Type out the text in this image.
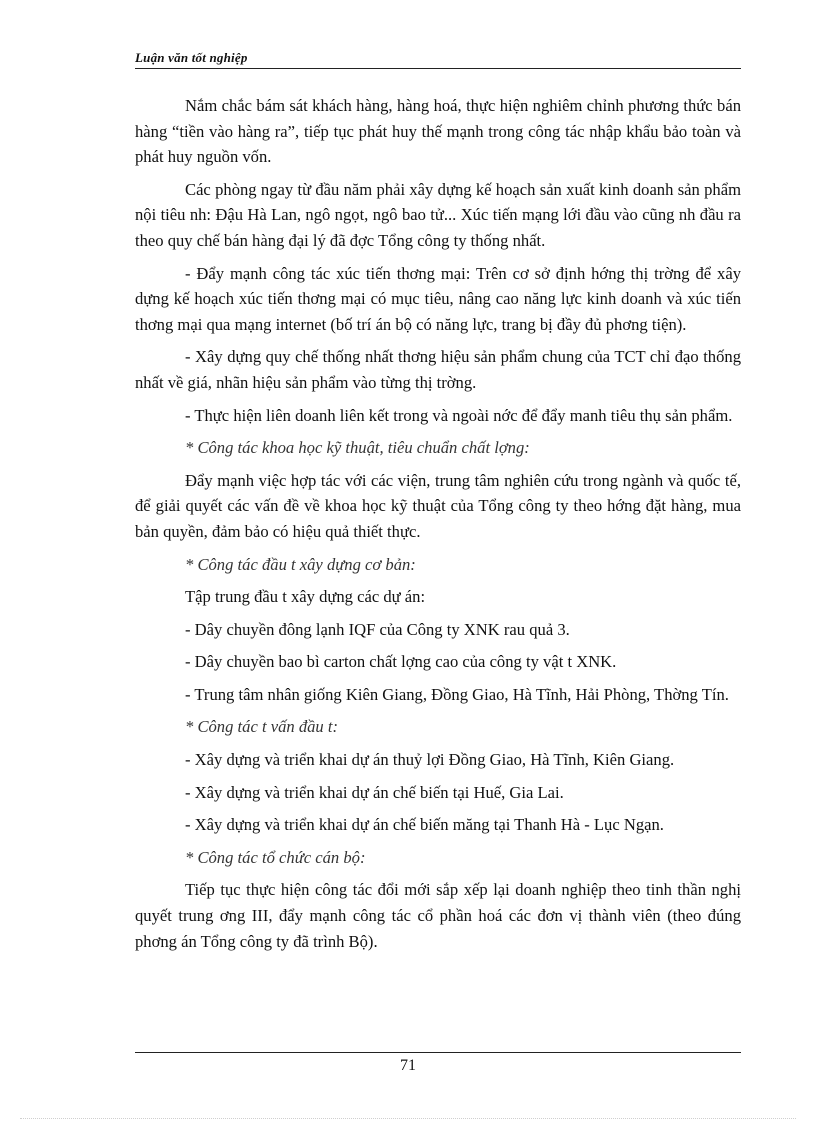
Luận văn tốt nghiệp

Nắm chắc bám sát khách hàng, hàng hoá, thực hiện nghiêm chỉnh phương thức bán hàng “tiền vào hàng ra”, tiếp tục phát huy thế mạnh trong công tác nhập khẩu bảo toàn và phát huy nguồn vốn.

Các phòng ngay từ đầu năm phải xây dựng kế hoạch sản xuất kinh doanh sản phẩm nội tiêu nh: Đậu Hà Lan, ngô ngọt, ngô bao tử... Xúc tiến mạng lới đầu vào cũng nh đầu ra theo quy chế bán hàng đại lý đã đợc Tổng công ty thống nhất.

- Đẩy mạnh công tác xúc tiến thơng mại: Trên cơ sở định hớng thị trờng để xây dựng kế hoạch xúc tiến thơng mại có mục tiêu, nâng cao năng lực kinh doanh và xúc tiến thơng mại qua mạng internet (bố trí án bộ có năng lực, trang bị đầy đủ phơng tiện).

- Xây dựng quy chế thống nhất thơng hiệu sản phẩm chung của TCT chỉ đạo thống nhất về giá, nhãn hiệu sản phẩm vào từng thị trờng.

- Thực hiện liên doanh liên kết trong và ngoài nớc để đẩy manh tiêu thụ sản phẩm.

* Công tác khoa học kỹ thuật, tiêu chuẩn chất lợng:

Đẩy mạnh việc hợp tác với các viện, trung tâm nghiên cứu trong ngành và quốc tế, để giải quyết các vấn đề về khoa học kỹ thuật của Tổng công ty theo hớng đặt hàng, mua bản quyền, đảm bảo có hiệu quả thiết thực.

* Công tác đầu t xây dựng cơ bản:

Tập trung đầu t xây dựng các dự án:

- Dây chuyền đông lạnh IQF của Công ty XNK rau quả 3.

- Dây chuyền bao bì carton chất lợng cao của công ty vật t XNK.

- Trung tâm nhân giống Kiên Giang, Đồng Giao, Hà Tĩnh, Hải Phòng, Thờng Tín.

* Công tác t vấn đầu t:

- Xây dựng và triển khai dự án thuỷ lợi Đồng Giao, Hà Tĩnh, Kiên Giang.

- Xây dựng và triển khai dự án chế biến tại Huế, Gia Lai.

- Xây dựng và triển khai dự án chế biến măng tại Thanh Hà - Lục Ngạn.

* Công tác tổ chức cán bộ:

Tiếp tục thực hiện công tác đổi mới sắp xếp lại doanh nghiệp theo tinh thần nghị quyết trung ơng III, đẩy mạnh công tác cổ phần hoá các đơn vị thành viên (theo đúng phơng án Tổng công ty đã trình Bộ).

71
